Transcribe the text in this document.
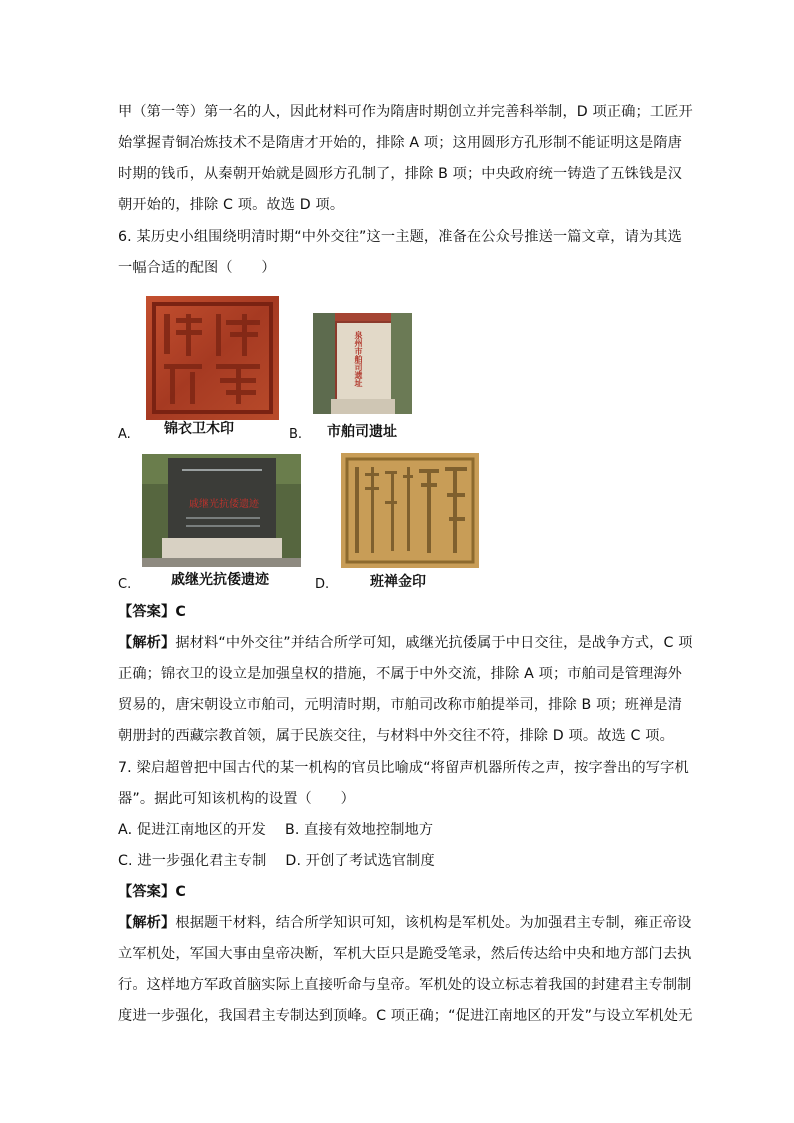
甲（第一等）第一名的人，因此材料可作为隋唐时期创立并完善科举制，D 项正确；工匠开
始掌握青铜冶炼技术不是隋唐才开始的，排除 A 项；这用圆形方孔形制不能证明这是隋唐
时期的钱币，从秦朝开始就是圆形方孔制了，排除 B 项；中央政府统一铸造了五铢钱是汉
朝开始的，排除 C 项。故选 D 项。
6. 某历史小组围绕明清时期“中外交往”这一主题，准备在公众号推送一篇文章，请为其选
一幅合适的配图（　　）
A. 锦衣卫木印
泉州市舶司遗址
B. 市舶司遗址
戚继光抗倭遗迹
C.	戚继光抗倭遗迹	D.	班禅金印
【答案】C
【解析】据材料“中外交往”并结合所学可知，戚继光抗倭属于中日交往，是战争方式，C 项
正确；锦衣卫的设立是加强皇权的措施，不属于中外交流，排除 A 项；市舶司是管理海外
贸易的，唐宋朝设立市舶司，元明清时期，市舶司改称市舶提举司，排除 B 项；班禅是清
朝册封的西藏宗教首领，属于民族交往，与材料中外交往不符，排除 D 项。故选 C 项。
7. 梁启超曾把中国古代的某一机构的官员比喻成“将留声机器所传之声，按字誊出的写字机
器”。据此可知该机构的设置（　　）
A. 促进江南地区的开发　 B. 直接有效地控制地方
C. 进一步强化君主专制　 D. 开创了考试选官制度
【答案】C
【解析】根据题干材料，结合所学知识可知，该机构是军机处。为加强君主专制，雍正帝设
立军机处，军国大事由皇帝决断，军机大臣只是跪受笔录，然后传达给中央和地方部门去执
行。这样地方军政首脑实际上直接听命与皇帝。军机处的设立标志着我国的封建君主专制制
度进一步强化，我国君主专制达到顶峰。C 项正确；“促进江南地区的开发”与设立军机处无
